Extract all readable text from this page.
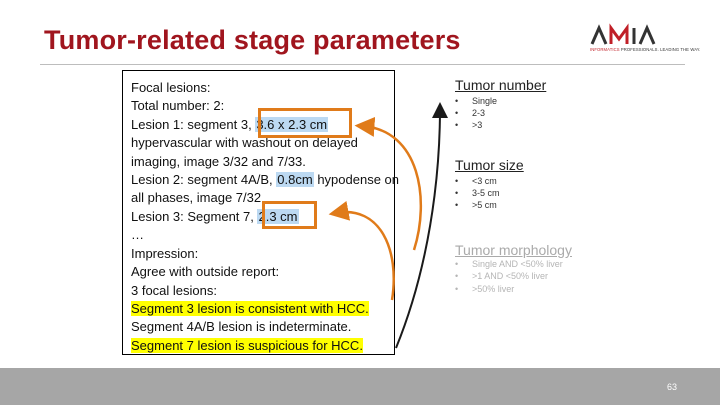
Tumor-related stage parameters	INFORMATICS PROFESSIONALS. LEADING THE WAY.
Focal lesions:
Total number: 2:
Lesion 1: segment 3, 3.6 x 2.3 cm
hypervascular with washout on delayed
imaging, image 3/32 and 7/33.
Lesion 2: segment 4A/B, 0.8cm hypodense on
all phases, image 7/32
Lesion 3: Segment 7, 2.3 cm
…
Impression:
Agree with outside report:
3 focal lesions:
Segment 3 lesion is consistent with HCC.
Segment 4A/B lesion is indeterminate.
Segment 7 lesion is suspicious for HCC.
Tumor number
• Single
• 2-3
• >3
Tumor size
• <3 cm
• 3-5 cm
• >5 cm
Tumor morphology
• Single AND <50% liver
• >1 AND <50% liver
• >50% liver
63
